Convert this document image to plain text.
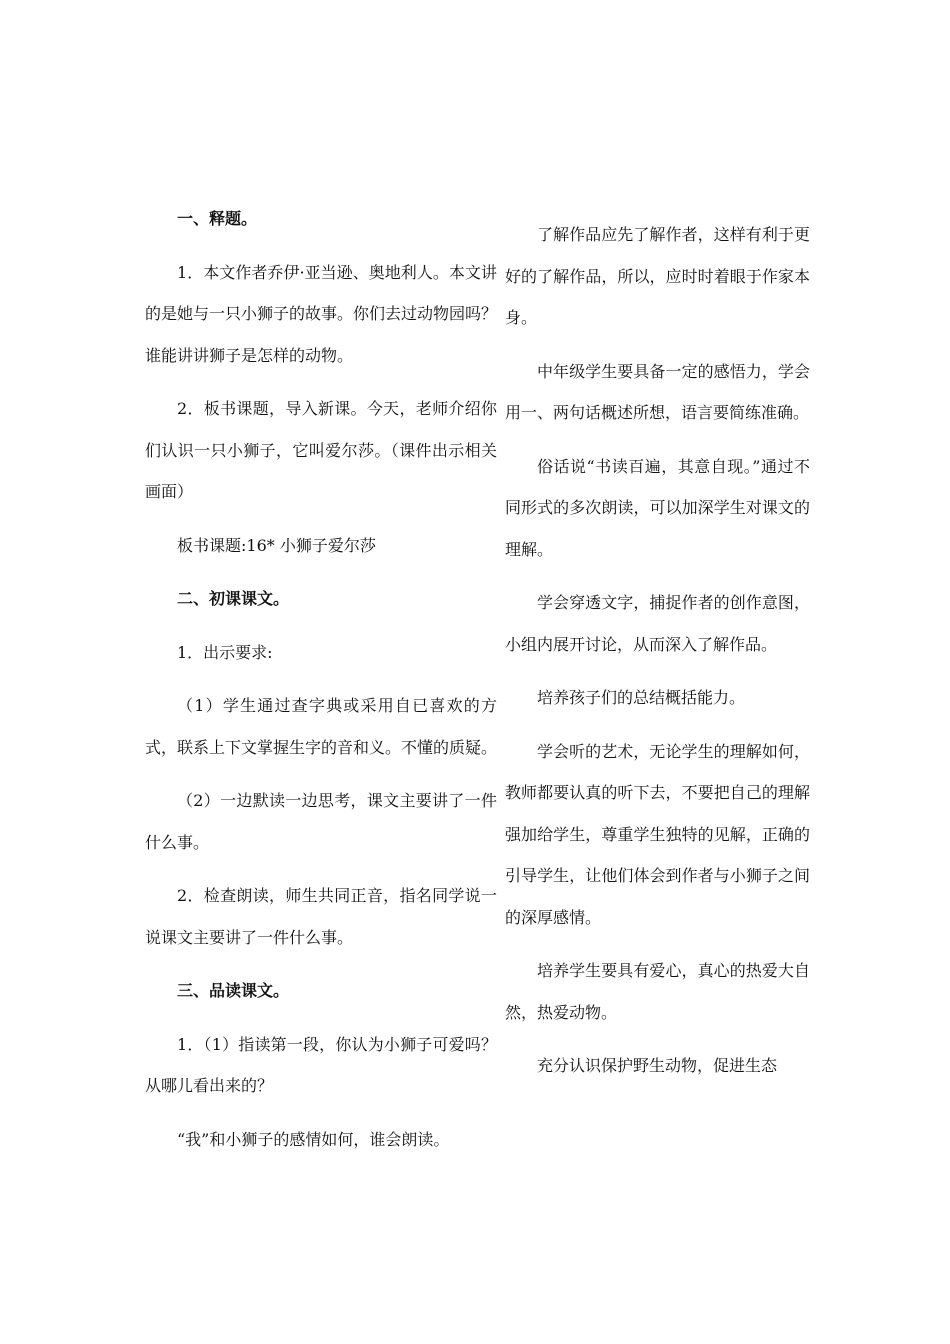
一、释题。

1．本文作者乔伊·亚当逊、奥地利人。本文讲的是她与一只小狮子的故事。你们去过动物园吗？谁能讲讲狮子是怎样的动物。

2．板书课题，导入新课。今天，老师介绍你们认识一只小狮子，它叫爱尔莎。（课件出示相关画面）

板书课题:16* 小狮子爱尔莎

二、初课课文。

1．出示要求:

（1）学生通过查字典或采用自已喜欢的方式，联系上下文掌握生字的音和义。不懂的质疑。

（2）一边默读一边思考，课文主要讲了一件什么事。

2．检查朗读，师生共同正音，指名同学说一说课文主要讲了一件什么事。

三、品读课文。

1．（1）指读第一段，你认为小狮子可爱吗？从哪儿看出来的？

“我”和小狮子的感情如何，谁会朗读。

了解作品应先了解作者，这样有利于更好的了解作品，所以，应时时着眼于作家本身。

中年级学生要具备一定的感悟力，学会用一、两句话概述所想，语言要简练准确。

俗话说“书读百遍，其意自现。”通过不同形式的多次朗读，可以加深学生对课文的理解。

学会穿透文字，捕捉作者的创作意图，小组内展开讨论，从而深入了解作品。

培养孩子们的总结概括能力。

学会听的艺术，无论学生的理解如何，教师都要认真的听下去，不要把自己的理解强加给学生，尊重学生独特的见解，正确的引导学生，让他们体会到作者与小狮子之间的深厚感情。

培养学生要具有爱心，真心的热爱大自然，热爱动物。

充分认识保护野生动物，促进生态
